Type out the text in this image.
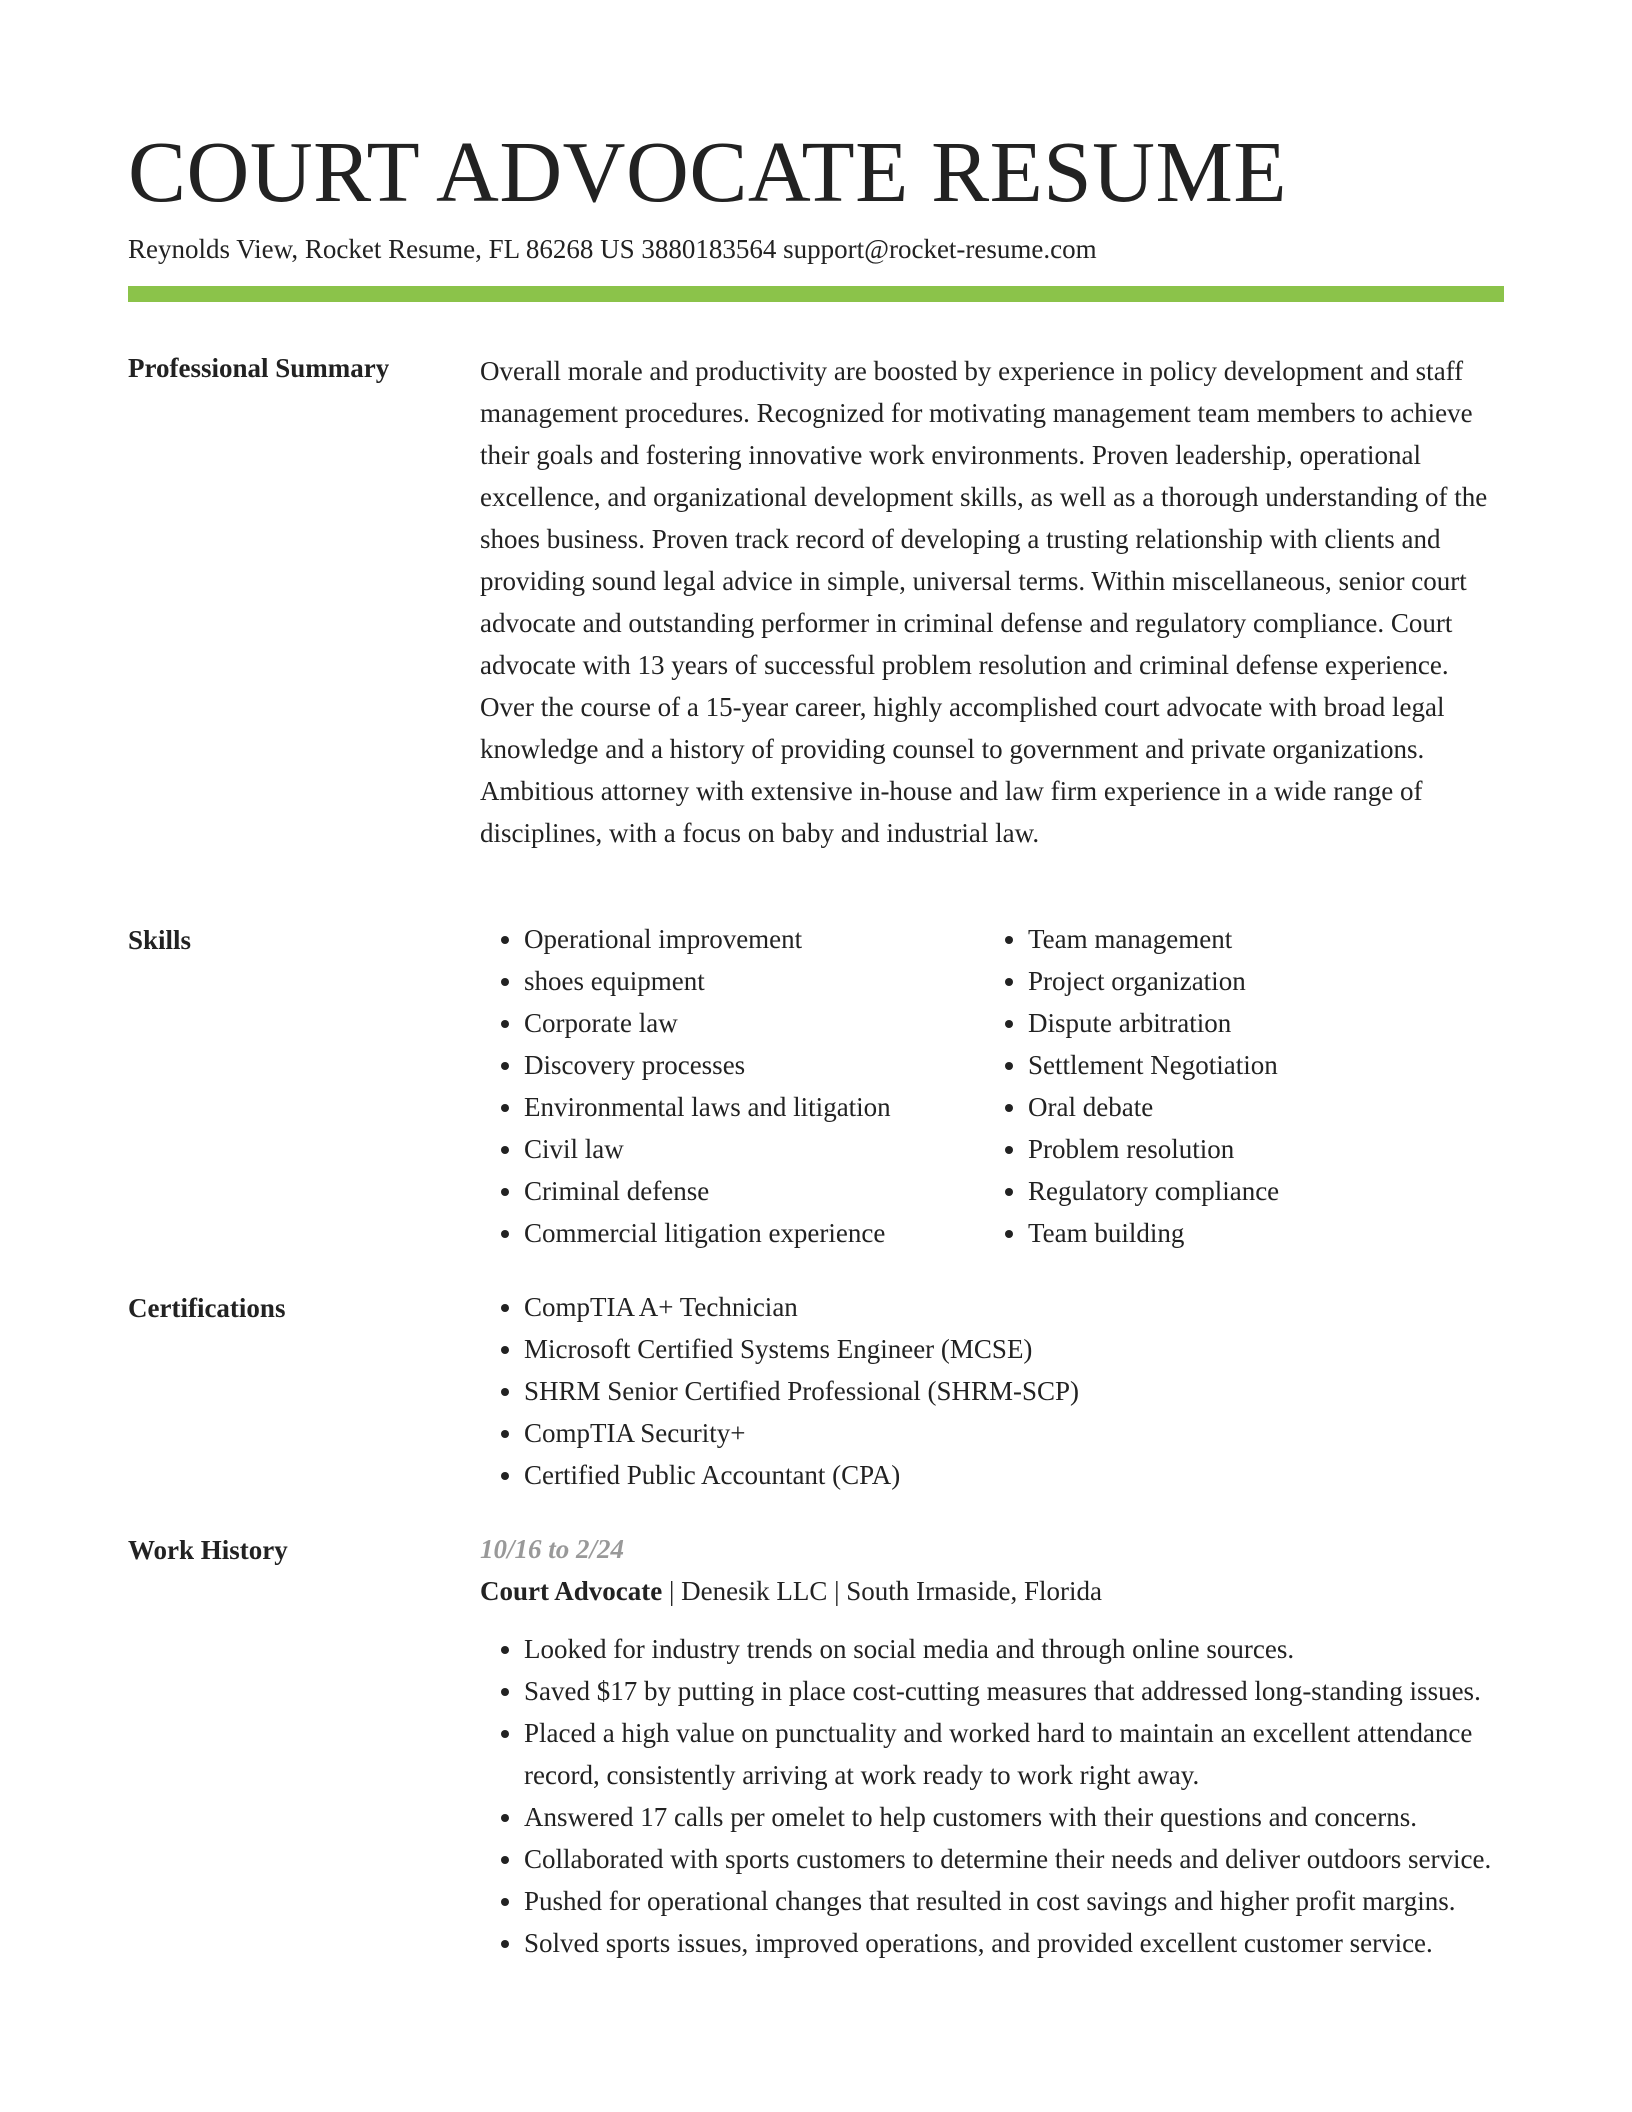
COURT ADVOCATE RESUME
Reynolds View, Rocket Resume, FL 86268 US 3880183564 support@rocket-resume.com
Professional Summary	Overall morale and productivity are boosted by experience in policy development and staff management procedures. Recognized for motivating management team members to achieve their goals and fostering innovative work environments. Proven leadership, operational excellence, and organizational development skills, as well as a thorough understanding of the shoes business. Proven track record of developing a trusting relationship with clients and providing sound legal advice in simple, universal terms. Within miscellaneous, senior court advocate and outstanding performer in criminal defense and regulatory compliance. Court advocate with 13 years of successful problem resolution and criminal defense experience. Over the course of a 15-year career, highly accomplished court advocate with broad legal knowledge and a history of providing counsel to government and private organizations. Ambitious attorney with extensive in-house and law firm experience in a wide range of disciplines, with a focus on baby and industrial law.

Skills	• Operational improvement
• shoes equipment
• Corporate law
• Discovery processes
• Environmental laws and litigation
• Civil law
• Criminal defense
• Commercial litigation experience
• Team management
• Project organization
• Dispute arbitration
• Settlement Negotiation
• Oral debate
• Problem resolution
• Regulatory compliance
• Team building
Certifications	• CompTIA A+ Technician
• Microsoft Certified Systems Engineer (MCSE)
• SHRM Senior Certified Professional (SHRM-SCP)
• CompTIA Security+
• Certified Public Accountant (CPA)
Work History	10/16 to 2/24
Court Advocate | Denesik LLC | South Irmaside, Florida
• Looked for industry trends on social media and through online sources.
• Saved $17 by putting in place cost-cutting measures that addressed long-standing issues.
• Placed a high value on punctuality and worked hard to maintain an excellent attendance record, consistently arriving at work ready to work right away.
• Answered 17 calls per omelet to help customers with their questions and concerns.
• Collaborated with sports customers to determine their needs and deliver outdoors service.
• Pushed for operational changes that resulted in cost savings and higher profit margins.
• Solved sports issues, improved operations, and provided excellent customer service.
